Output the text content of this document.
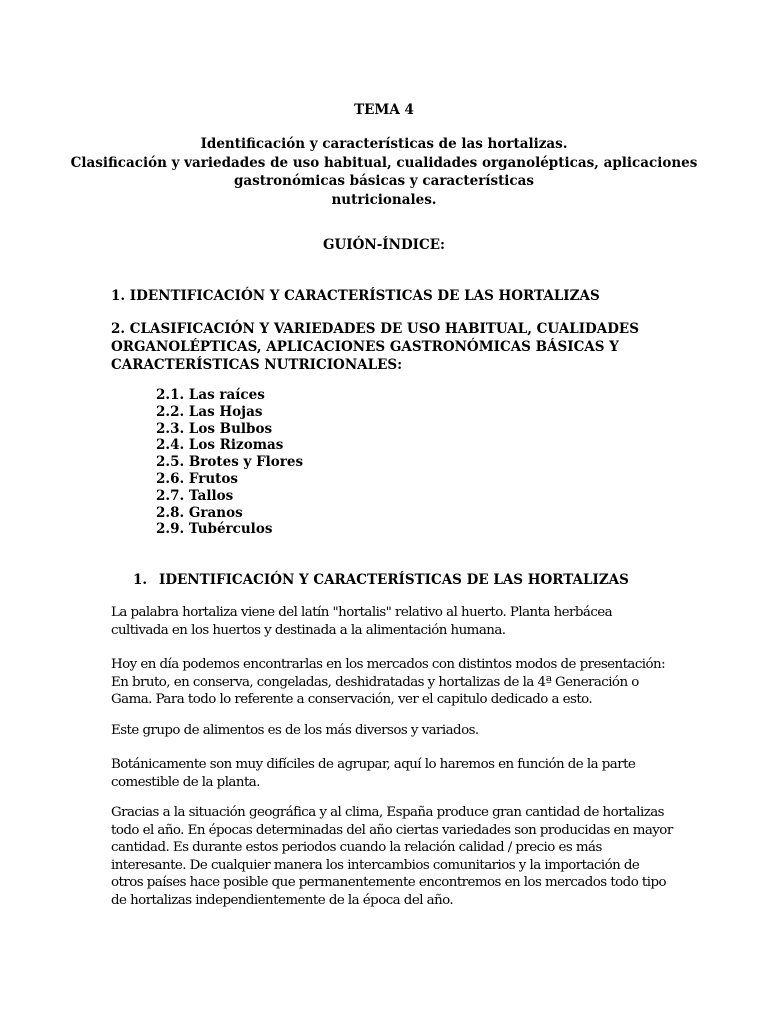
TEMA 4
Identificación y características de las hortalizas.
Clasificación y variedades de uso habitual, cualidades organolépticas, aplicaciones
gastronómicas básicas y características
nutricionales.
GUIÓN-ÍNDICE:
1. IDENTIFICACIÓN Y CARACTERÍSTICAS DE LAS HORTALIZAS
2. CLASIFICACIÓN Y VARIEDADES DE USO HABITUAL, CUALIDADES
ORGANOLÉPTICAS, APLICACIONES GASTRONÓMICAS BÁSICAS Y
CARACTERÍSTICAS NUTRICIONALES:
2.1. Las raíces
2.2. Las Hojas
2.3. Los Bulbos
2.4. Los Rizomas
2.5. Brotes y Flores
2.6. Frutos
2.7. Tallos
2.8. Granos
2.9. Tubérculos
1. IDENTIFICACIÓN Y CARACTERÍSTICAS DE LAS HORTALIZAS
La palabra hortaliza viene del latín "hortalis" relativo al huerto. Planta herbácea
cultivada en los huertos y destinada a la alimentación humana.
Hoy en día podemos encontrarlas en los mercados con distintos modos de presentación:
En bruto, en conserva, congeladas, deshidratadas y hortalizas de la 4ª Generación o
Gama. Para todo lo referente a conservación, ver el capitulo dedicado a esto.
Este grupo de alimentos es de los más diversos y variados.
Botánicamente son muy difíciles de agrupar, aquí lo haremos en función de la parte
comestible de la planta.
Gracias a la situación geográfica y al clima, España produce gran cantidad de hortalizas
todo el año. En épocas determinadas del año ciertas variedades son producidas en mayor
cantidad. Es durante estos periodos cuando la relación calidad / precio es más
interesante. De cualquier manera los intercambios comunitarios y la importación de
otros países hace posible que permanentemente encontremos en los mercados todo tipo
de hortalizas independientemente de la época del año.
